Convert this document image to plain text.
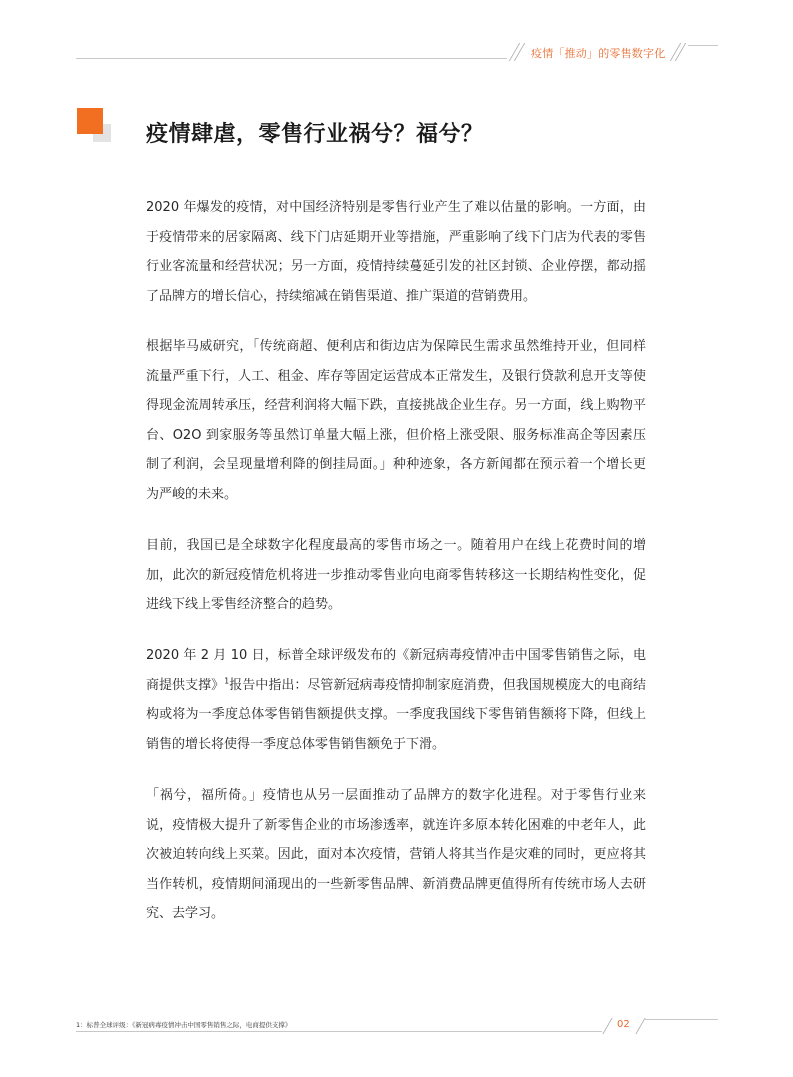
疫情「推动」的零售数字化
疫情肆虐，零售行业祸兮？福兮？

2020 年爆发的疫情，对中国经济特别是零售行业产生了难以估量的影响。一方面，由于疫情带来的居家隔离、线下门店延期开业等措施，严重影响了线下门店为代表的零售行业客流量和经营状况；另一方面，疫情持续蔓延引发的社区封锁、企业停摆，都动摇了品牌方的增长信心，持续缩减在销售渠道、推广渠道的营销费用。

根据毕马威研究，「传统商超、便利店和街边店为保障民生需求虽然维持开业，但同样流量严重下行，人工、租金、库存等固定运营成本正常发生，及银行贷款利息开支等使得现金流周转承压，经营利润将大幅下跌，直接挑战企业生存。另一方面，线上购物平台、O2O 到家服务等虽然订单量大幅上涨，但价格上涨受限、服务标准高企等因素压制了利润，会呈现量增利降的倒挂局面。」种种迹象，各方新闻都在预示着一个增长更为严峻的未来。

目前，我国已是全球数字化程度最高的零售市场之一。随着用户在线上花费时间的增加，此次的新冠疫情危机将进一步推动零售业向电商零售转移这一长期结构性变化，促进线下线上零售经济整合的趋势。

2020 年 2 月 10 日，标普全球评级发布的《新冠病毒疫情冲击中国零售销售之际，电商提供支撑》$^1$报告中指出：尽管新冠病毒疫情抑制家庭消费，但我国规模庞大的电商结构或将为一季度总体零售销售额提供支撑。一季度我国线下零售销售额将下降，但线上销售的增长将使得一季度总体零售销售额免于下滑。

「祸兮，福所倚。」疫情也从另一层面推动了品牌方的数字化进程。对于零售行业来说，疫情极大提升了新零售企业的市场渗透率，就连许多原本转化困难的中老年人，此次被迫转向线上买菜。因此，面对本次疫情，营销人将其当作是灾难的同时，更应将其当作转机，疫情期间涌现出的一些新零售品牌、新消费品牌更值得所有传统市场人去研究、去学习。

1：标普全球评级：《新冠病毒疫情冲击中国零售销售之际，电商提供支撑》	02
